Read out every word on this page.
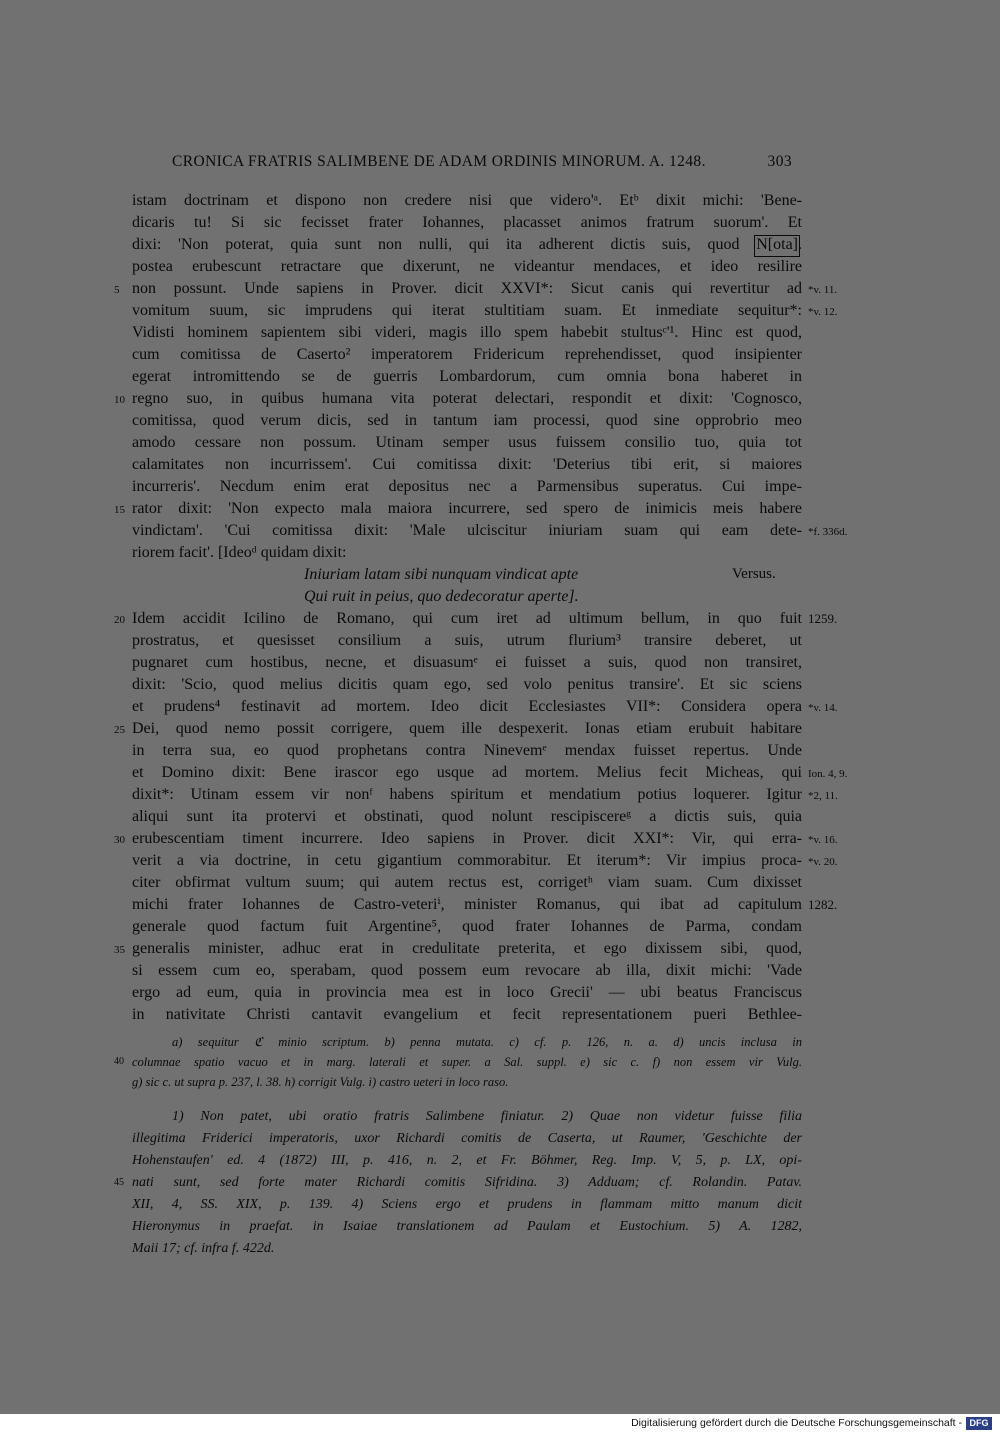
CRONICA FRATRIS SALIMBENE DE ADAM ORDINIS MINORUM. A. 1248.	303
istam doctrinam et dispono non credere nisi que videro'ᵃ. Etᵇ dixit michi: 'Bene-
dicaris tu! Si sic fecisset frater Iohannes, placasset animos fratrum suorum'. Et
dixi: 'Non poterat, quia sunt non nulli, qui ita adherent dictis suis, quod N[ota].
postea erubescunt retractare que dixerunt, ne videantur mendaces, et ideo resilire
non possunt. Unde sapiens in Prover. dicit XXVI*: Sicut canis qui revertitur ad
vomitum suum, sic imprudens qui iterat stultitiam suam. Et inmediate sequitur*:
Vidisti hominem sapientem sibi videri, magis illo spem habebit stultusᶜ'¹. Hinc est quod,
cum comitissa de Caserto² imperatorem Fridericum reprehendisset, quod insipienter
egerat intromittendo se de guerris Lombardorum, cum omnia bona haberet in
regno suo, in quibus humana vita poterat delectari, respondit et dixit: 'Cognosco,
comitissa, quod verum dicis, sed in tantum iam processi, quod sine opprobrio meo
amodo cessare non possum. Utinam semper usus fuissem consilio tuo, quia tot
calamitates non incurrissem'. Cui comitissa dixit: 'Deterius tibi erit, si maiores
incurreris'. Necdum enim erat depositus nec a Parmensibus superatus. Cui impe-
rator dixit: 'Non expecto mala maiora incurrere, sed spero de inimicis meis habere
vindictam'. 'Cui comitissa dixit: 'Male ulciscitur iniuriam suam qui eam dete-
riorem facit'. [Ideoᵈ quidam dixit:
Iniuriam latam sibi nunquam vindicat apte	Versus.
Qui ruit in peius, quo dedecoratur aperte].
Idem accidit Icilino de Romano, qui cum iret ad ultimum bellum, in quo fuit
prostratus, et quesisset consilium a suis, utrum flurium³ transire deberet, ut
pugnaret cum hostibus, necne, et disuasumᵉ ei fuisset a suis, quod non transiret,
dixit: 'Scio, quod melius dicitis quam ego, sed volo penitus transire'. Et sic sciens
et prudens⁴ festinavit ad mortem. Ideo dicit Ecclesiastes VII*: Considera opera
Dei, quod nemo possit corrigere, quem ille despexerit. Ionas etiam erubuit habitare
in terra sua, eo quod prophetans contra Ninevemᵉ mendax fuisset repertus. Unde
et Domino dixit: Bene irascor ego usque ad mortem. Melius fecit Micheas, qui
dixit*: Utinam essem vir nonᶠ habens spiritum et mendatium potius loquerer. Igitur
aliqui sunt ita protervi et obstinati, quod nolunt rescipiscereᵍ a dictis suis, quia
erubescentiam timent incurrere. Ideo sapiens in Prover. dicit XXI*: Vir, qui erra-
verit a via doctrine, in cetu gigantium commorabitur. Et iterum*: Vir impius proca-
citer obfirmat vultum suum; qui autem rectus est, corrigetʰ viam suam. Cum dixisset
michi frater Iohannes de Castro-veteriⁱ, minister Romanus, qui ibat ad capitulum
generale quod factum fuit Argentine⁵, quod frater Iohannes de Parma, condam
generalis minister, adhuc erat in credulitate preterita, et ego dixissem sibi, quod,
si essem cum eo, sperabam, quod possem eum revocare ab illa, dixit michi: 'Vade
ergo ad eum, quia in provincia mea est in loco Grecii' — ubi beatus Franciscus
in nativitate Christi cantavit evangelium et fecit representationem pueri Bethlee-
5
10
15
20
25
30
35
*v. 11.
*v. 12.
*f. 336d.
1259.
*v. 14.
Ion. 4, 9.
*2, 11.
*v. 16.
*v. 20.
1282.
a) sequitur ℭ minio scriptum. b) penna mutata. c) cf. p. 126, n. a. d) uncis inclusa in
columnae spatio vacuo et in marg. laterali et super. a Sal. suppl. e) sic c. f) non essem vir Vulg.
40
g) sic c. ut supra p. 237, l. 38. h) corrigit Vulg. i) castro ueteri in loco raso.
1) Non patet, ubi oratio fratris Salimbene finiatur. 2) Quae non videtur fuisse filia
illegitima Friderici imperatoris, uxor Richardi comitis de Caserta, ut Raumer, 'Geschichte der
Hohenstaufen' ed. 4 (1872) III, p. 416, n. 2, et Fr. Böhmer, Reg. Imp. V, 5, p. LX, opi-
nati sunt, sed forte mater Richardi comitis Sifridina. 3) Adduam; cf. Rolandin. Patav.
45
XII, 4, SS. XIX, p. 139. 4) Sciens ergo et prudens in flammam mitto manum dicit
Hieronymus in praefat. in Isaiae translationem ad Paulam et Eustochium. 5) A. 1282,
Maii 17; cf. infra f. 422d.
Digitalisierung gefördert durch die Deutsche Forschungsgemeinschaft - DFG
